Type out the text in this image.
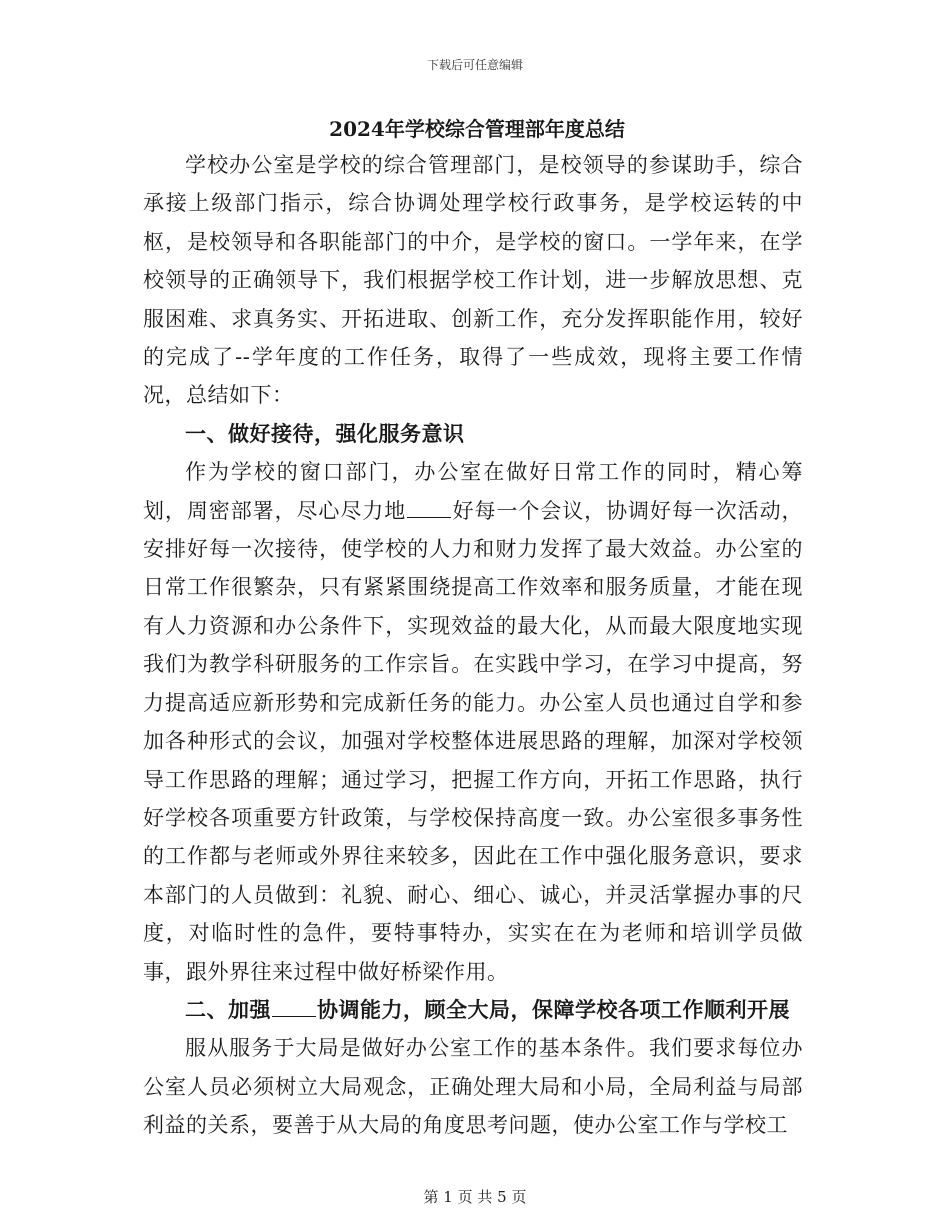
下载后可任意编辑
2024年学校综合管理部年度总结

学校办公室是学校的综合管理部门，是校领导的参谋助手，综合承接上级部门指示，综合协调处理学校行政事务，是学校运转的中枢，是校领导和各职能部门的中介，是学校的窗口。一学年来，在学校领导的正确领导下，我们根据学校工作计划，进一步解放思想、克服困难、求真务实、开拓进取、创新工作，充分发挥职能作用，较好的完成了--学年度的工作任务，取得了一些成效，现将主要工作情况，总结如下：

一、做好接待，强化服务意识

作为学校的窗口部门，办公室在做好日常工作的同时，精心筹划，周密部署，尽心尽力地 好每一个会议，协调好每一次活动，安排好每一次接待，使学校的人力和财力发挥了最大效益。办公室的日常工作很繁杂，只有紧紧围绕提高工作效率和服务质量，才能在现有人力资源和办公条件下，实现效益的最大化，从而最大限度地实现我们为教学科研服务的工作宗旨。在实践中学习，在学习中提高，努力提高适应新形势和完成新任务的能力。办公室人员也通过自学和参加各种形式的会议，加强对学校整体进展思路的理解，加深对学校领导工作思路的理解；通过学习，把握工作方向，开拓工作思路，执行好学校各项重要方针政策，与学校保持高度一致。办公室很多事务性的工作都与老师或外界往来较多，因此在工作中强化服务意识，要求本部门的人员做到：礼貌、耐心、细心、诚心，并灵活掌握办事的尺度，对临时性的急件，要特事特办，实实在在为老师和培训学员做事，跟外界往来过程中做好桥梁作用。

二、加强 协调能力，顾全大局，保障学校各项工作顺利开展

服从服务于大局是做好办公室工作的基本条件。我们要求每位办公室人员必须树立大局观念，正确处理大局和小局，全局利益与局部利益的关系，要善于从大局的角度思考问题，使办公室工作与学校工

第 1 页 共 5 页
